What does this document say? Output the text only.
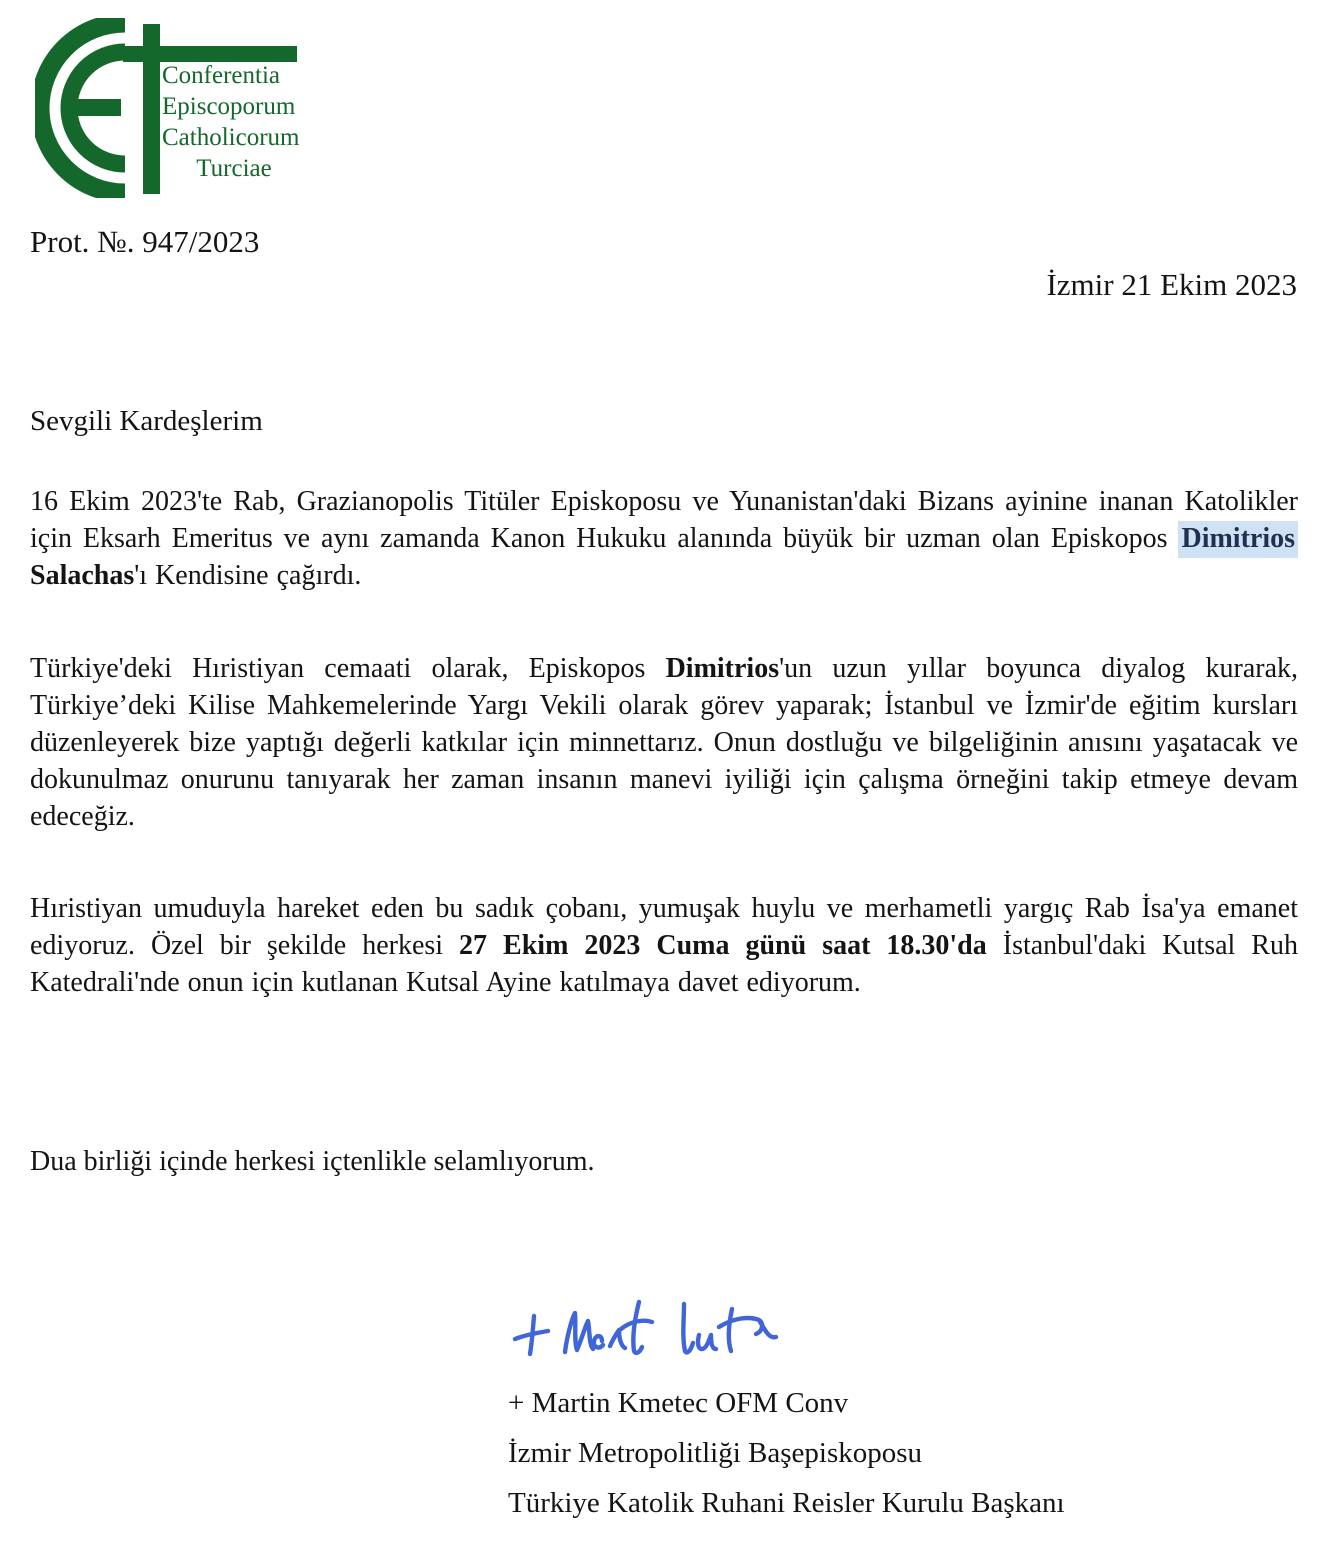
Conferentia
Episcoporum
Catholicorum
Turciae
Prot. №. 947/2023
İzmir 21 Ekim 2023
Sevgili Kardeşlerim
16 Ekim 2023'te Rab, Grazianopolis Titüler Episkoposu ve Yunanistan'daki Bizans ayinine inanan Katolikler için Eksarh Emeritus ve aynı zamanda Kanon Hukuku alanında büyük bir uzman olan Episkopos Dimitrios Salachas'ı Kendisine çağırdı.
Türkiye'deki Hıristiyan cemaati olarak, Episkopos Dimitrios'un uzun yıllar boyunca diyalog kurarak, Türkiye’deki Kilise Mahkemelerinde Yargı Vekili olarak görev yaparak; İstanbul ve İzmir'de eğitim kursları düzenleyerek bize yaptığı değerli katkılar için minnettarız. Onun dostluğu ve bilgeliğinin anısını yaşatacak ve dokunulmaz onurunu tanıyarak her zaman insanın manevi iyiliği için çalışma örneğini takip etmeye devam edeceğiz.
Hıristiyan umuduyla hareket eden bu sadık çobanı, yumuşak huylu ve merhametli yargıç Rab İsa'ya emanet ediyoruz. Özel bir şekilde herkesi 27 Ekim 2023 Cuma günü saat 18.30'da İstanbul'daki Kutsal Ruh Katedrali'nde onun için kutlanan Kutsal Ayine katılmaya davet ediyorum.
Dua birliği içinde herkesi içtenlikle selamlıyorum.
+ Martin Kmetec OFM Conv
İzmir Metropolitliği Başepiskoposu
Türkiye Katolik Ruhani Reisler Kurulu Başkanı
